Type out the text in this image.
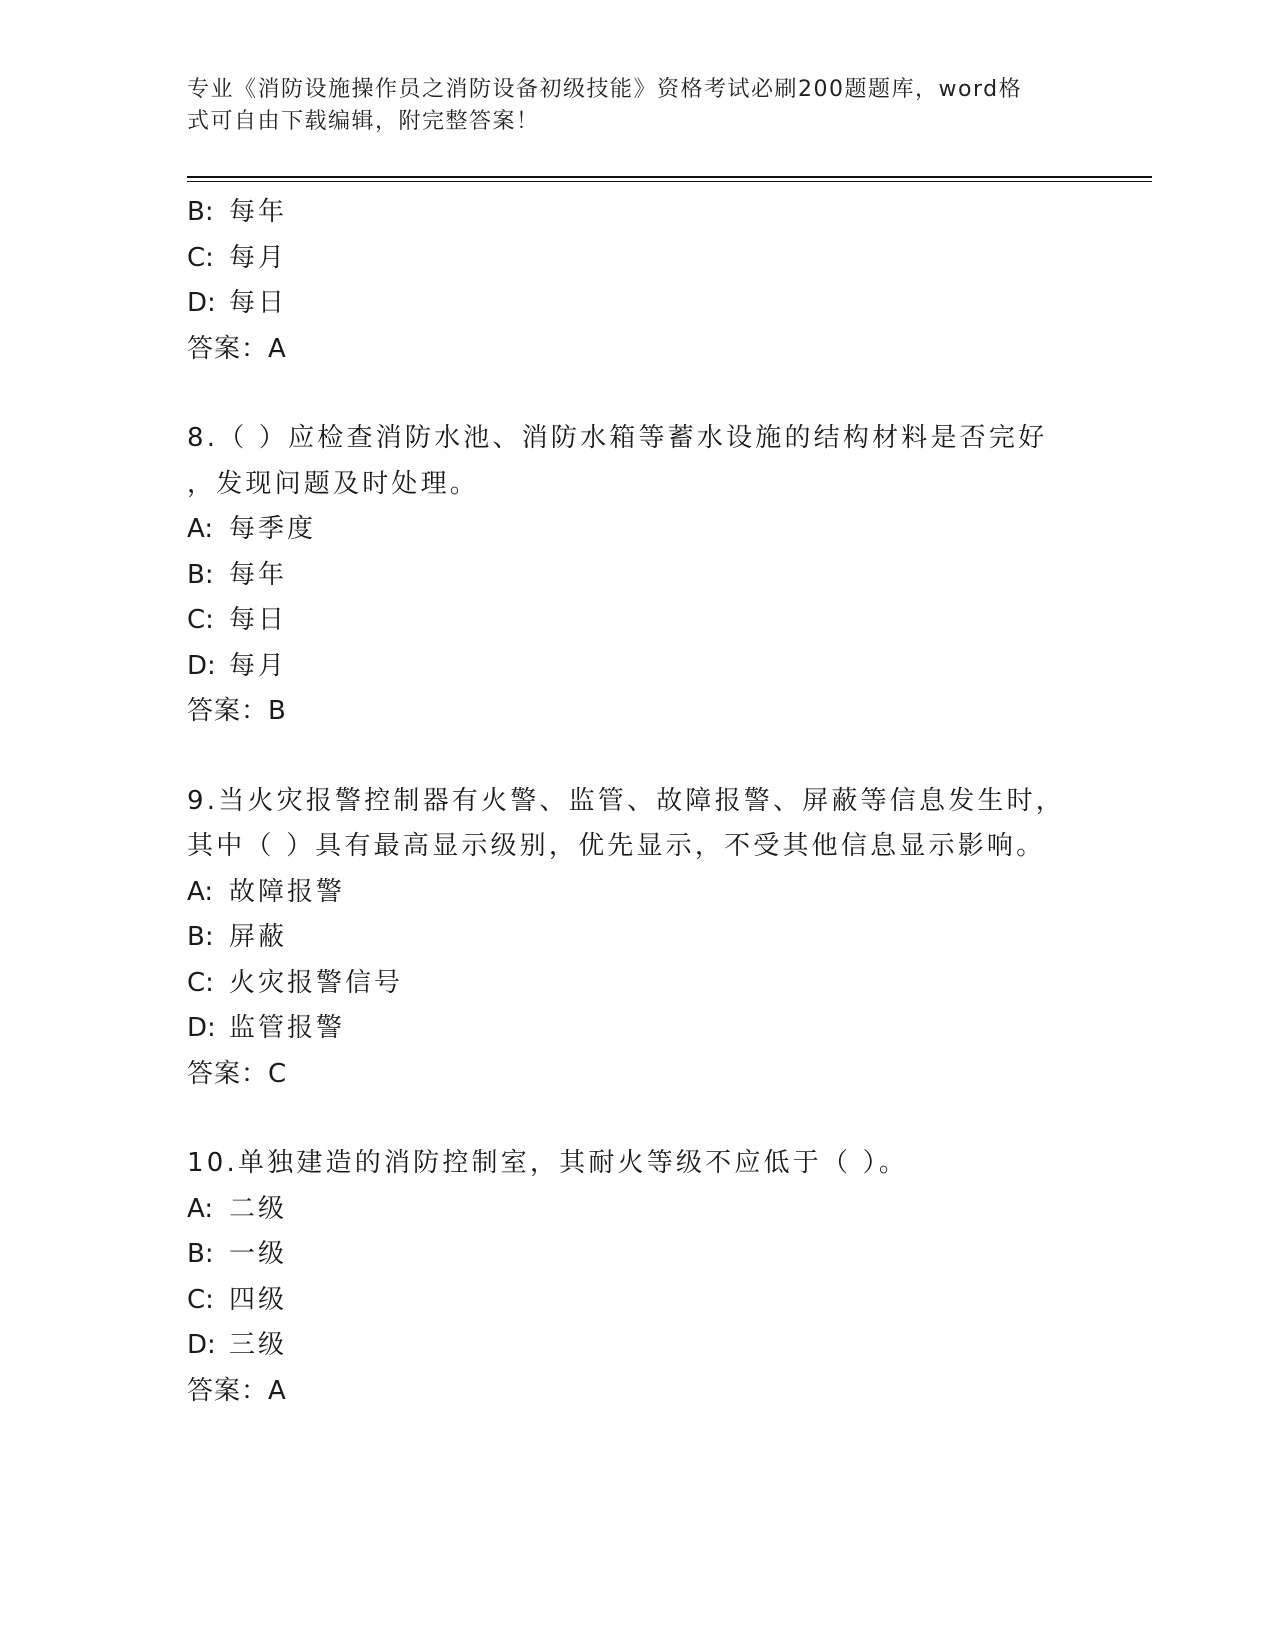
专业《消防设施操作员之消防设备初级技能》资格考试必刷200题题库，word格
式可自由下载编辑，附完整答案！
B: 每年
C: 每月
D: 每日
答案：A
8.（ ）应检查消防水池、消防水箱等蓄水设施的结构材料是否完好
，发现问题及时处理。
A: 每季度
B: 每年
C: 每日
D: 每月
答案：B
9.当火灾报警控制器有火警、监管、故障报警、屏蔽等信息发生时，
其中（ ）具有最高显示级别，优先显示，不受其他信息显示影响。
A: 故障报警
B: 屏蔽
C: 火灾报警信号
D: 监管报警
答案：C
10.单独建造的消防控制室，其耐火等级不应低于（ ）。
A: 二级
B: 一级
C: 四级
D: 三级
答案：A
